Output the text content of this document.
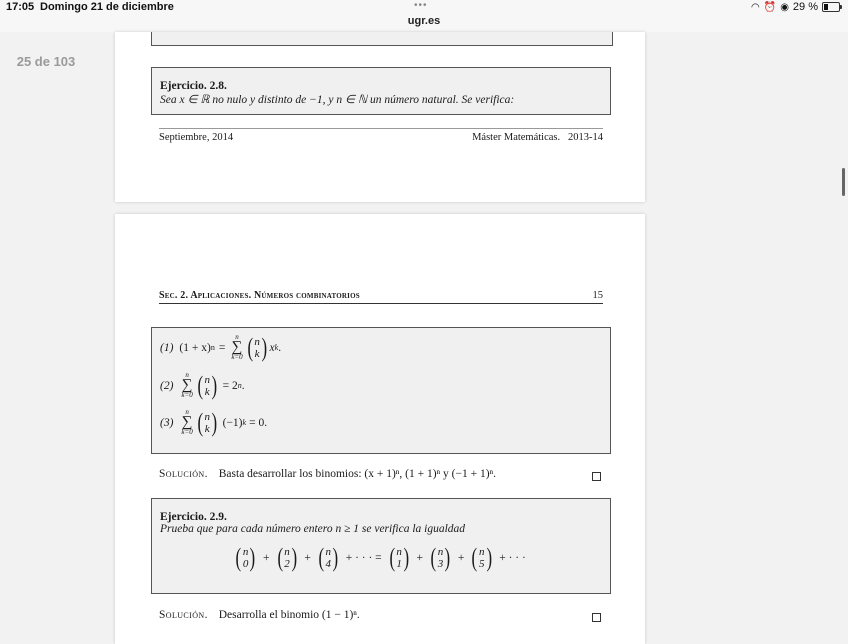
17:05 Domingo 21 de diciembre	•••
ugr.es
◠ ⏰ ◉ 29 %
25 de 103
Ejercicio. 2.8.
Sea x ∈ ℝ no nulo y distinto de −1, y n ∈ ℕ un número natural. Se verifica:
Septiembre, 2014	Máster Matemáticas.   2013-14
Sec. 2. Aplicaciones. Números combinatorios	15
(1) (1 + x) n =
n
∑
k=0 ( n
k ) x k .
(2)
n
∑
k=0 ( n
k ) = 2 n .
(3)
n
∑
k=0 ( n
k ) (−1) k = 0.
Solución. Basta desarrollar los binomios: (x + 1)ⁿ, (1 + 1)ⁿ y (−1 + 1)ⁿ.
Ejercicio. 2.9.
Prueba que para cada número entero n ≥ 1 se verifica la igualdad
( n
0 ) + ( n
2 ) + ( n
4 ) + · · · = ( n
1 ) + ( n
3 ) + ( n
5 ) + · · ·
Solución. Desarrolla el binomio (1 − 1)ⁿ.
